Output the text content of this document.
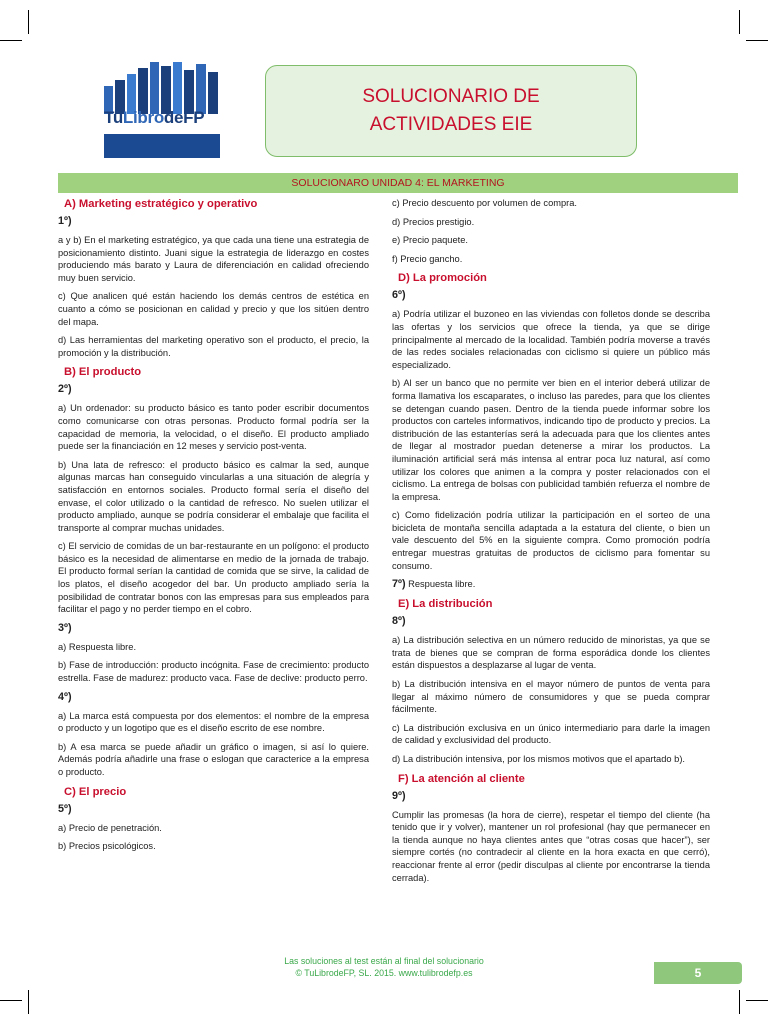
TuLibrodeFP
SOLUCIONARIO DE
ACTIVIDADES EIE
SOLUCIONARO UNIDAD 4: EL MARKETING
A) Marketing estratégico y operativo
1º)
a y b) En el marketing estratégico, ya que cada una tiene una estrategia de posicionamiento distinto. Juani sigue la estrategia de liderazgo en costes produciendo más barato y Laura de diferenciación en calidad ofreciendo muy buen servicio.
c) Que analicen qué están haciendo los demás centros de estética en cuanto a cómo se posicionan en calidad y precio y que los sitúen dentro del mapa.
d) Las herramientas del marketing operativo son el producto, el precio, la promoción y la distribución.
B) El producto
2º)
a) Un ordenador: su producto básico es tanto poder escribir documentos como comunicarse con otras personas. Producto formal podría ser la capacidad de memoria, la velocidad, o el diseño. El producto ampliado puede ser la financiación en 12 meses y servicio post-venta.
b) Una lata de refresco: el producto básico es calmar la sed, aunque algunas marcas han conseguido vincularlas a una situación de alegría y satisfacción en entornos sociales. Producto formal sería el diseño del envase, el color utilizado o la cantidad de refresco. No suelen utilizar el producto ampliado, aunque se podría considerar el embalaje que facilita el transporte al comprar muchas unidades.
c) El servicio de comidas de un bar-restaurante en un polígono: el producto básico es la necesidad de alimentarse en medio de la jornada de trabajo. El producto formal serían la cantidad de comida que se sirve, la calidad de los platos, el diseño acogedor del bar. Un producto ampliado sería la posibilidad de contratar bonos con las empresas para sus empleados para facilitar el pago y no perder tiempo en el cobro.
3º)
a) Respuesta libre.
b) Fase de introducción: producto incógnita. Fase de crecimiento: producto estrella. Fase de madurez: producto vaca. Fase de declive: producto perro.
4º)
a) La marca está compuesta por dos elementos: el nombre de la empresa o producto y un logotipo que es el diseño escrito de ese nombre.
b) A esa marca se puede añadir un gráfico o imagen, si así lo quiere. Además podría añadirle una frase o eslogan que caracterice a la empresa o producto.
C) El precio
5º)
a) Precio de penetración.
b) Precios psicológicos.
c) Precio descuento por volumen de compra.
d) Precios prestigio.
e) Precio paquete.
f) Precio gancho.
D) La promoción
6º)
a) Podría utilizar el buzoneo en las viviendas con folletos donde se describa las ofertas y los servicios que ofrece la tienda, ya que se dirige principalmente al mercado de la localidad. También podría moverse a través de las redes sociales relacionadas con ciclismo si quiere un público más especializado.
b) Al ser un banco que no permite ver bien en el interior deberá utilizar de forma llamativa los escaparates, o incluso las paredes, para que los clientes se detengan cuando pasen. Dentro de la tienda puede informar sobre los productos con carteles informativos, indicando tipo de producto y precios. La distribución de las estanterías será la adecuada para que los clientes antes de llegar al mostrador puedan detenerse a mirar los productos. La iluminación artificial será más intensa al entrar poca luz natural, así como utilizar los colores que animen a la compra y poster relacionados con el ciclismo. La entrega de bolsas con publicidad también refuerza el nombre de la empresa.
c) Como fidelización podría utilizar la participación en el sorteo de una bicicleta de montaña sencilla adaptada a la estatura del cliente, o bien un vale descuento del 5% en la siguiente compra. Como promoción podría entregar muestras gratuitas de productos de ciclismo para fomentar su consumo.
7º) Respuesta libre.
E) La distribución
8º)
a) La distribución selectiva en un número reducido de minoristas, ya que se trata de bienes que se compran de forma esporádica donde los clientes están dispuestos a desplazarse al lugar de venta.
b) La distribución intensiva en el mayor número de puntos de venta para llegar al máximo número de consumidores y que se pueda comprar fácilmente.
c) La distribución exclusiva en un único intermediario para darle la imagen de calidad y exclusividad del producto.
d) La distribución intensiva, por los mismos motivos que el apartado b).
F) La atención al cliente
9º)
Cumplir las promesas (la hora de cierre), respetar el tiempo del cliente (ha tenido que ir y volver), mantener un rol profesional (hay que permanecer en la tienda aunque no haya clientes antes que “otras cosas que hacer”), ser siempre cortés (no contradecir al cliente en la hora exacta en que cerró), reaccionar frente al error (pedir disculpas al cliente por encontrarse la tienda cerrada).
Las soluciones al test están al final del solucionario
© TuLibrodeFP, SL. 2015. www.tulibrodefp.es	5
